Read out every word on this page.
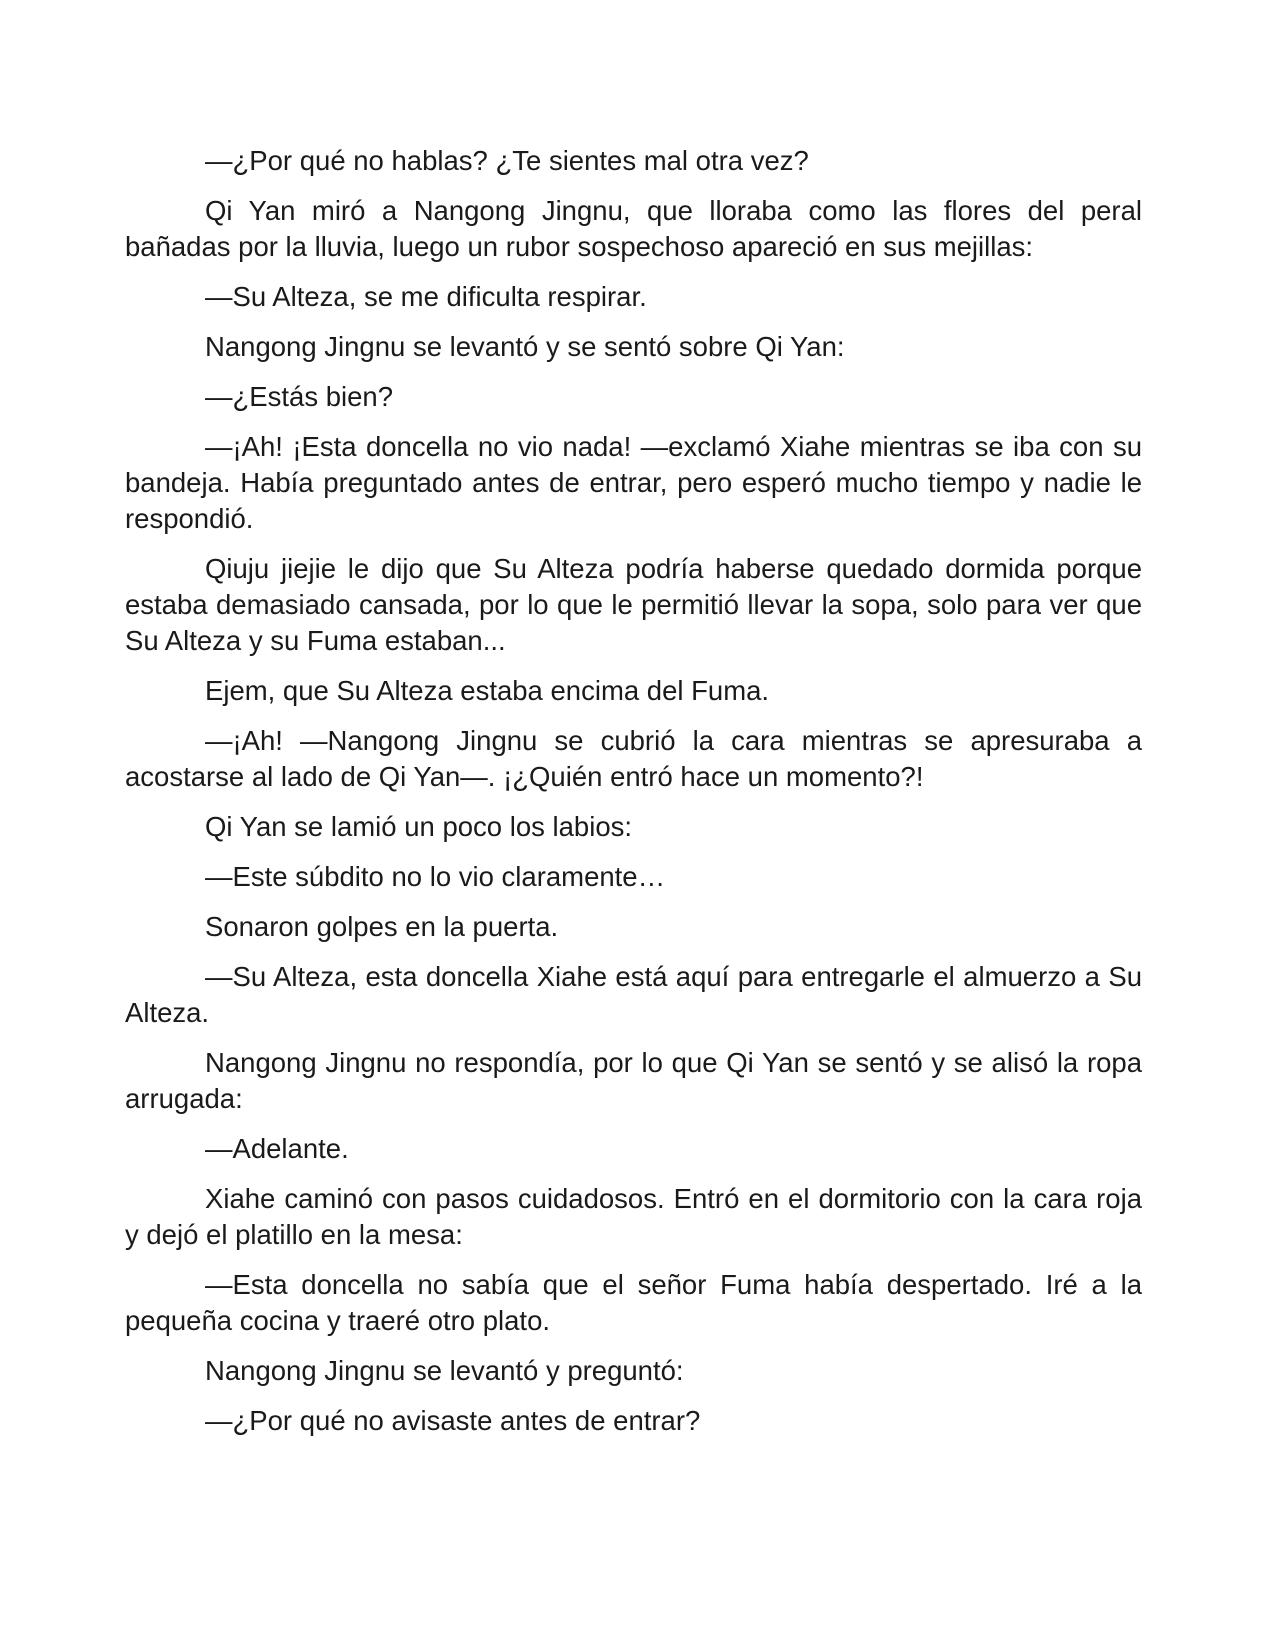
—¿Por qué no hablas? ¿Te sientes mal otra vez?

Qi Yan miró a Nangong Jingnu, que lloraba como las flores del peral bañadas por la lluvia, luego un rubor sospechoso apareció en sus mejillas:

—Su Alteza, se me dificulta respirar.

Nangong Jingnu se levantó y se sentó sobre Qi Yan:

—¿Estás bien?

—¡Ah! ¡Esta doncella no vio nada! —exclamó Xiahe mientras se iba con su bandeja. Había preguntado antes de entrar, pero esperó mucho tiempo y nadie le respondió.

Qiuju jiejie le dijo que Su Alteza podría haberse quedado dormida porque estaba demasiado cansada, por lo que le permitió llevar la sopa, solo para ver que Su Alteza y su Fuma estaban...

Ejem, que Su Alteza estaba encima del Fuma.

—¡Ah! —Nangong Jingnu se cubrió la cara mientras se apresuraba a acostarse al lado de Qi Yan—. ¡¿Quién entró hace un momento?!

Qi Yan se lamió un poco los labios:

—Este súbdito no lo vio claramente…

Sonaron golpes en la puerta.

—Su Alteza, esta doncella Xiahe está aquí para entregarle el almuerzo a Su Alteza.

Nangong Jingnu no respondía, por lo que Qi Yan se sentó y se alisó la ropa arrugada:

—Adelante.

Xiahe caminó con pasos cuidadosos. Entró en el dormitorio con la cara roja y dejó el platillo en la mesa:

—Esta doncella no sabía que el señor Fuma había despertado. Iré a la pequeña cocina y traeré otro plato.

Nangong Jingnu se levantó y preguntó:

—¿Por qué no avisaste antes de entrar?
